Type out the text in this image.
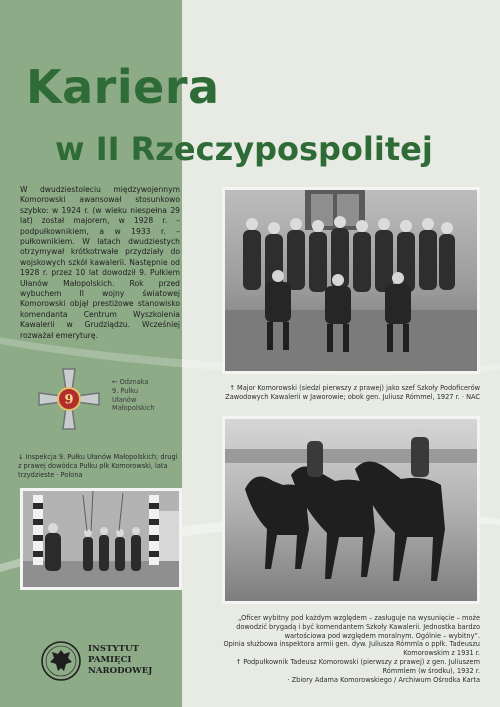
Kariera
w II Rzeczypospolitej

W dwudziestoleciu międzywojennym Komorowski awansował stosunkowo szybko: w 1924 r. (w wieku niespełna 29 lat) został majorem, w 1928 r. – podpułkownikiem, a w 1933 r. – pułkownikiem. W latach dwudziestych otrzymywał krótkotrwałe przydziały do wojskowych szkół kawalerii. Następnie od 1928 r. przez 10 lat dowodził 9. Pułkiem Ułanów Małopolskich. Rok przed wybuchem II wojny światowej Komorowski objął prestiżowe stanowisko komendanta Centrum Wyszkolenia Kawalerii w Grudziądzu. Wcześniej rozważał emeryturę.

↑ Major Komorowski (siedzi pierwszy z prawej) jako szef Szkoły Podoficerów Zawodowych Kawalerii w Jaworowie; obok gen. Juliusz Rómmel, 1927 r. · NAC

9
← Odznaka
9. Pułku
Ułanów
Małopolskich

↓ Inspekcja 9. Pułku Ułanów Małopolskich; drugi z prawej dowódca Pułku płk Komorowski, lata trzydzieste · Polona

„Oficer wybitny pod każdym względem – zasługuje na wysunięcie – może
dowodzić brygadą i być komendantem Szkoły Kawalerii. Jednostka bardzo
wartościowa pod względem moralnym. Ogólnie – wybitny”.
Opinia służbowa inspektora armii gen. dyw. Juliusza Rómmla o ppłk. Tadeuszu
Komorowskim z 1931 r.
↑ Podpułkownik Tadeusz Komorowski (pierwszy z prawej) z gen. Juliuszem
Rómmlem (w środku), 1932 r.
· Zbiory Adama Komorowskiego / Archiwum Ośrodka Karta
INSTYTUT
PAMIĘCI
NARODOWEJ
